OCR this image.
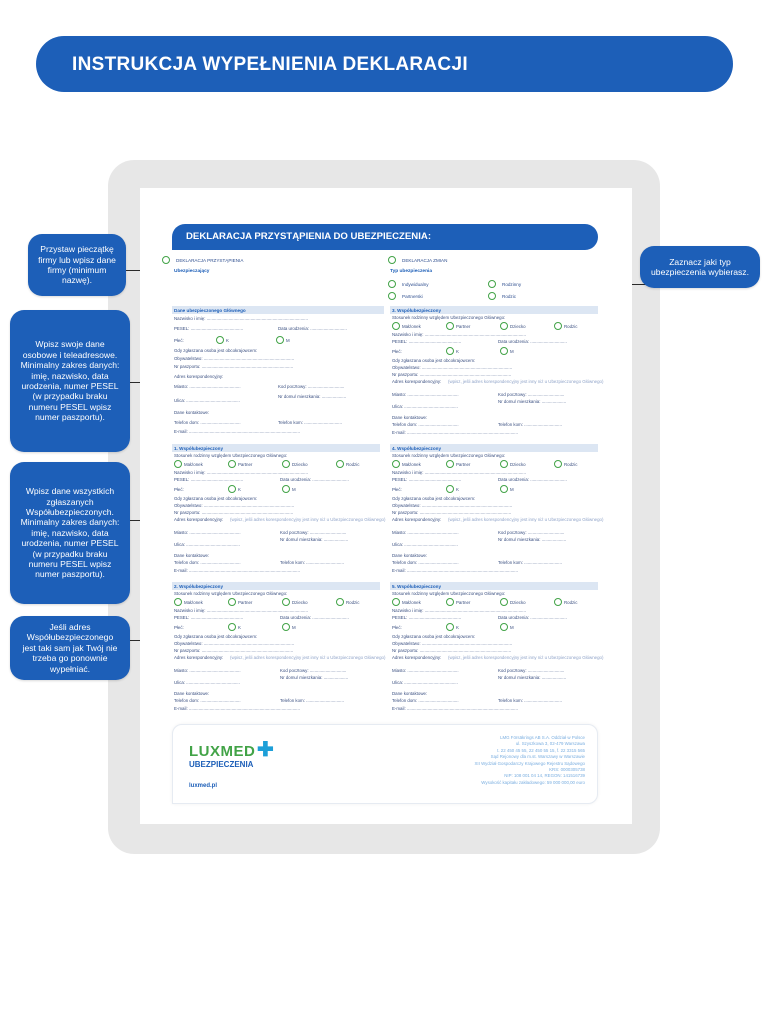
INSTRUKCJA WYPEŁNIENIA DEKLARACJI
DEKLARACJA PRZYSTĄPIENIA DO UBEZPIECZENIA:
DEKLARACJA PRZYSTĄPIENIA	DEKLARACJA ZMIAN
Ubezpieczający	Typ ubezpieczenia
Indywidualny	Rodzinny
Partnerski	Rodzic
Dane ubezpieczonego Głównego
Nazwisko i imię: ...................................................................................
PESEL: ...........................................	Data urodzenia: ..............................
Płeć:	K	M
Gdy zgłaszana osoba jest obcokrajowcem:
Obywatelstwo: ..........................................................................
Nr paszportu: ...........................................................................
Adres korespondencyjny:
Miasto: ..........................................	Kod pocztowy: ..............................
Ulica: ............................................
Nr domu/ mieszkania: ....................
Dane kontaktowe:
Telefon dom: .................................	Telefon kom: ...............................
E-mail: ...........................................................................................
1. Współubezpieczony
Stosunek rodzinny względem Ubezpieczonego Głównego:
Małżonek	Partner	Dziecko	Rodzic
Nazwisko i imię: ...................................................................................
PESEL: ...........................................	Data urodzenia: ..............................
Płeć:	K	M
Gdy zgłaszana osoba jest obcokrajowcem:
Obywatelstwo: ..........................................................................
Nr paszportu: ...........................................................................
Adres korespondencyjny: (wpisz, jeśli adres korespondencyjny jest inny niż u Ubezpieczonego Głównego)
Miasto: ..........................................	Kod pocztowy: ..............................
Ulica: ............................................
Nr domu/ mieszkania: ....................
Dane kontaktowe:
Telefon dom: .................................	Telefon kom: ...............................
E-mail: ...........................................................................................
2. Współubezpieczony
Stosunek rodzinny względem Ubezpieczonego Głównego:
Małżonek	Partner	Dziecko	Rodzic
Nazwisko i imię: ...................................................................................
PESEL: ...........................................	Data urodzenia: ..............................
Płeć:	K	M
Gdy zgłaszana osoba jest obcokrajowcem:
Obywatelstwo: ..........................................................................
Nr paszportu: ...........................................................................
Adres korespondencyjny: (wpisz, jeśli adres korespondencyjny jest inny niż u Ubezpieczonego Głównego)
Miasto: ..........................................	Kod pocztowy: ..............................
Ulica: ............................................
Nr domu/ mieszkania: ....................
Dane kontaktowe:
Telefon dom: .................................	Telefon kom: ...............................
E-mail: ...........................................................................................
3. Współubezpieczony
Stosunek rodzinny względem Ubezpieczonego Głównego:
Małżonek	Partner	Dziecko	Rodzic
Nazwisko i imię: ...................................................................................
PESEL: ...........................................	Data urodzenia: ..............................
Płeć:	K	M
Gdy zgłaszana osoba jest obcokrajowcem:
Obywatelstwo: ..........................................................................
Nr paszportu: ...........................................................................
Adres korespondencyjny: (wpisz, jeśli adres korespondencyjny jest inny niż u Ubezpieczonego Głównego)
Miasto: ..........................................	Kod pocztowy: ..............................
Ulica: ............................................
Nr domu/ mieszkania: ....................
Dane kontaktowe:
Telefon dom: .................................	Telefon kom: ...............................
E-mail: ...........................................................................................
4. Współubezpieczony
Stosunek rodzinny względem Ubezpieczonego Głównego:
Małżonek	Partner	Dziecko	Rodzic
Nazwisko i imię: ...................................................................................
PESEL: ...........................................	Data urodzenia: ..............................
Płeć:	K	M
Gdy zgłaszana osoba jest obcokrajowcem:
Obywatelstwo: ..........................................................................
Nr paszportu: ...........................................................................
Adres korespondencyjny: (wpisz, jeśli adres korespondencyjny jest inny niż u Ubezpieczonego Głównego)
Miasto: ..........................................	Kod pocztowy: ..............................
Ulica: ............................................
Nr domu/ mieszkania: ....................
Dane kontaktowe:
Telefon dom: .................................	Telefon kom: ...............................
E-mail: ...........................................................................................
5. Współubezpieczony
Stosunek rodzinny względem Ubezpieczonego Głównego:
Małżonek	Partner	Dziecko	Rodzic
Nazwisko i imię: ...................................................................................
PESEL: ...........................................	Data urodzenia: ..............................
Płeć:	K	M
Gdy zgłaszana osoba jest obcokrajowcem:
Obywatelstwo: ..........................................................................
Nr paszportu: ...........................................................................
Adres korespondencyjny: (wpisz, jeśli adres korespondencyjny jest inny niż u Ubezpieczonego Głównego)
Miasto: ..........................................	Kod pocztowy: ..............................
Ulica: ............................................
Nr domu/ mieszkania: ....................
Dane kontaktowe:
Telefon dom: .................................	Telefon kom: ...............................
E-mail: ...........................................................................................
LUXMED ✚
UBEZPIECZENIA
luxmed.pl
LMG Försäkrings AB S.A. Oddział w Polsce
ul. Szyszkowa 3, 02-479 Warszawa
t. 22 450 45 55, 22 450 55 15, f. 22 3315 565
Sąd Rejonowy dla m.st. Warszawy w Warszawie
XII Wydział Gospodarczy Krajowego Rejestru Sądowego
KRS: 0000305738
NIP: 108 001 04 14, REGON: 141516739
Wysokość kapitału zakładowego: 59 000 000,00 euro
Przystaw pieczątkę firmy lub wpisz dane firmy (minimum nazwę).
Wpisz swoje dane osobowe i teleadresowe. Minimalny zakres danych: imię, nazwisko, data urodzenia, numer PESEL (w przypadku braku numeru PESEL wpisz numer paszportu).
Wpisz dane wszystkich zgłaszanych Współubezpieczonych. Minimalny zakres danych: imię, nazwisko, data urodzenia, numer PESEL (w przypadku braku numeru PESEL wpisz numer paszportu).
Jeśli adres Współubezpieczonego jest taki sam jak Twój nie trzeba go ponownie wypełniać.
Zaznacz jaki typ ubezpieczenia wybierasz.
